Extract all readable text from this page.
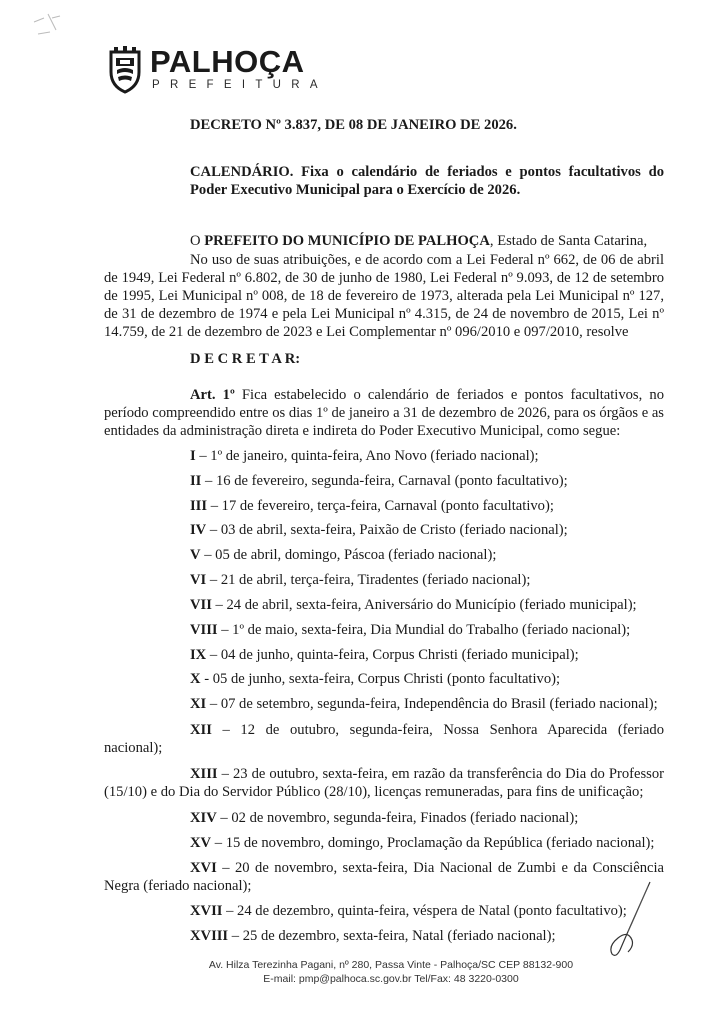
PALHOÇA
PREFEITURA
DECRETO Nº 3.837, DE 08 DE JANEIRO DE 2026.
CALENDÁRIO. Fixa o calendário de feriados e pontos facultativos do
Poder Executivo Municipal para o Exercício de 2026.
O PREFEITO DO MUNICÍPIO DE PALHOÇA, Estado de Santa Catarina,
No uso de suas atribuições, e de acordo com a Lei Federal nº 662, de 06 de abril
de 1949, Lei Federal nº 6.802, de 30 de junho de 1980, Lei Federal nº 9.093, de 12 de setembro
de 1995, Lei Municipal nº 008, de 18 de fevereiro de 1973, alterada pela Lei Municipal nº 127,
de 31 de dezembro de 1974 e pela Lei Municipal nº 4.315, de 24 de novembro de 2015, Lei nº
14.759, de 21 de dezembro de 2023 e Lei Complementar nº 096/2010 e 097/2010, resolve
D E C R E T A R:
Art. 1º Fica estabelecido o calendário de feriados e pontos facultativos, no
período compreendido entre os dias 1º de janeiro a 31 de dezembro de 2026, para os órgãos e as
entidades da administração direta e indireta do Poder Executivo Municipal, como segue:
I – 1º de janeiro, quinta-feira, Ano Novo (feriado nacional);
II – 16 de fevereiro, segunda-feira, Carnaval (ponto facultativo);
III – 17 de fevereiro, terça-feira, Carnaval (ponto facultativo);
IV – 03 de abril, sexta-feira, Paixão de Cristo (feriado nacional);
V – 05 de abril, domingo, Páscoa (feriado nacional);
VI – 21 de abril, terça-feira, Tiradentes (feriado nacional);
VII – 24 de abril, sexta-feira, Aniversário do Município (feriado municipal);
VIII – 1º de maio, sexta-feira, Dia Mundial do Trabalho (feriado nacional);
IX – 04 de junho, quinta-feira, Corpus Christi (feriado municipal);
X - 05 de junho, sexta-feira, Corpus Christi (ponto facultativo);
XI – 07 de setembro, segunda-feira, Independência do Brasil (feriado nacional);
XII – 12 de outubro, segunda-feira, Nossa Senhora Aparecida (feriado
nacional);
XIII – 23 de outubro, sexta-feira, em razão da transferência do Dia do Professor
(15/10) e do Dia do Servidor Público (28/10), licenças remuneradas, para fins de unificação;
XIV – 02 de novembro, segunda-feira, Finados (feriado nacional);
XV – 15 de novembro, domingo, Proclamação da República (feriado nacional);
XVI – 20 de novembro, sexta-feira, Dia Nacional de Zumbi e da Consciência
Negra (feriado nacional);
XVII – 24 de dezembro, quinta-feira, véspera de Natal (ponto facultativo);
XVIII – 25 de dezembro, sexta-feira, Natal (feriado nacional);
Av. Hilza Terezinha Pagani, nº 280, Passa Vinte - Palhoça/SC CEP 88132-900
E-mail: pmp@palhoca.sc.gov.br Tel/Fax: 48 3220-0300
